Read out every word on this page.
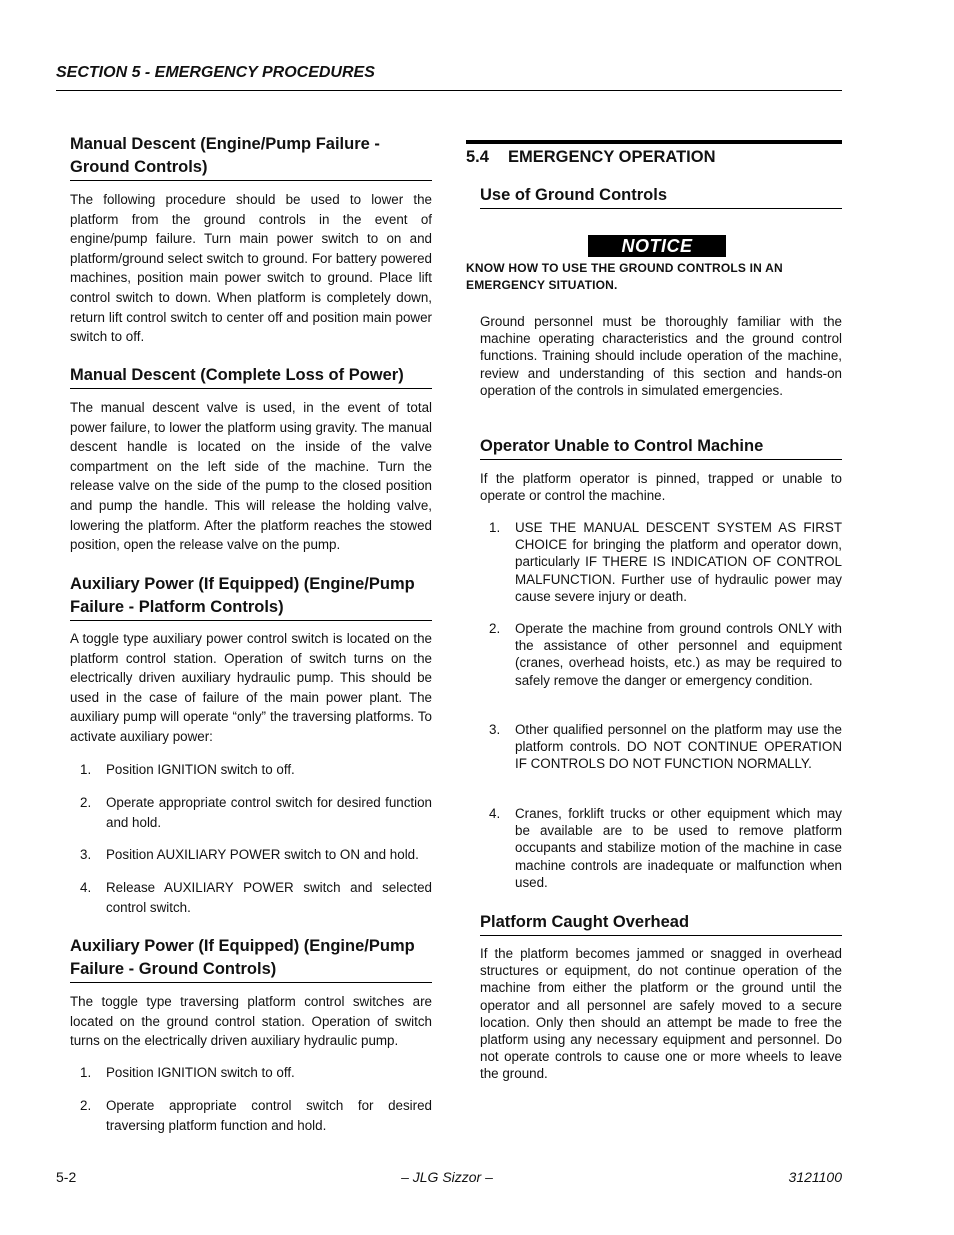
SECTION 5 - EMERGENCY PROCEDURES
Manual Descent (Engine/Pump Failure - Ground Controls)
The following procedure should be used to lower the platform from the ground controls in the event of engine/pump failure. Turn main power switch to on and platform/ground select switch to ground. For battery powered machines, position main power switch to ground. Place lift control switch to down. When platform is completely down, return lift control switch to center off and position main power switch to off.
Manual Descent (Complete Loss of Power)
The manual descent valve is used, in the event of total power failure, to lower the platform using gravity. The manual descent handle is located on the inside of the valve compartment on the left side of the machine. Turn the release valve on the side of the pump to the closed position and pump the handle. This will release the holding valve, lowering the platform. After the platform reaches the stowed position, open the release valve on the pump.
Auxiliary Power (If Equipped) (Engine/Pump Failure - Platform Controls)
A toggle type auxiliary power control switch is located on the platform control station. Operation of switch turns on the electrically driven auxiliary hydraulic pump. This should be used in the case of failure of the main power plant. The auxiliary pump will operate “only” the traversing platforms. To activate auxiliary power:
1. Position IGNITION switch to off.
2. Operate appropriate control switch for desired function and hold.
3. Position AUXILIARY POWER switch to ON and hold.
4. Release AUXILIARY POWER switch and selected control switch.
Auxiliary Power (If Equipped) (Engine/Pump Failure - Ground Controls)
The toggle type traversing platform control switches are located on the ground control station. Operation of switch turns on the electrically driven auxiliary hydraulic pump.
1. Position IGNITION switch to off.
2. Operate appropriate control switch for desired traversing platform function and hold.
5.4 EMERGENCY OPERATION
Use of Ground Controls
NOTICE
KNOW HOW TO USE THE GROUND CONTROLS IN AN EMERGENCY SITUATION.
Ground personnel must be thoroughly familiar with the machine operating characteristics and the ground control functions. Training should include operation of the machine, review and understanding of this section and hands-on operation of the controls in simulated emergencies.
Operator Unable to Control Machine
If the platform operator is pinned, trapped or unable to operate or control the machine.
1. USE THE MANUAL DESCENT SYSTEM AS FIRST CHOICE for bringing the platform and operator down, particularly IF THERE IS INDICATION OF CONTROL MALFUNCTION. Further use of hydraulic power may cause severe injury or death.
2. Operate the machine from ground controls ONLY with the assistance of other personnel and equipment (cranes, overhead hoists, etc.) as may be required to safely remove the danger or emergency condition.
3. Other qualified personnel on the platform may use the platform controls. DO NOT CONTINUE OPERATION IF CONTROLS DO NOT FUNCTION NORMALLY.
4. Cranes, forklift trucks or other equipment which may be available are to be used to remove platform occupants and stabilize motion of the machine in case machine controls are inadequate or malfunction when used.
Platform Caught Overhead
If the platform becomes jammed or snagged in overhead structures or equipment, do not continue operation of the machine from either the platform or the ground until the operator and all personnel are safely moved to a secure location. Only then should an attempt be made to free the platform using any necessary equipment and personnel. Do not operate controls to cause one or more wheels to leave the ground.
5-2	– JLG Sizzor –	3121100
